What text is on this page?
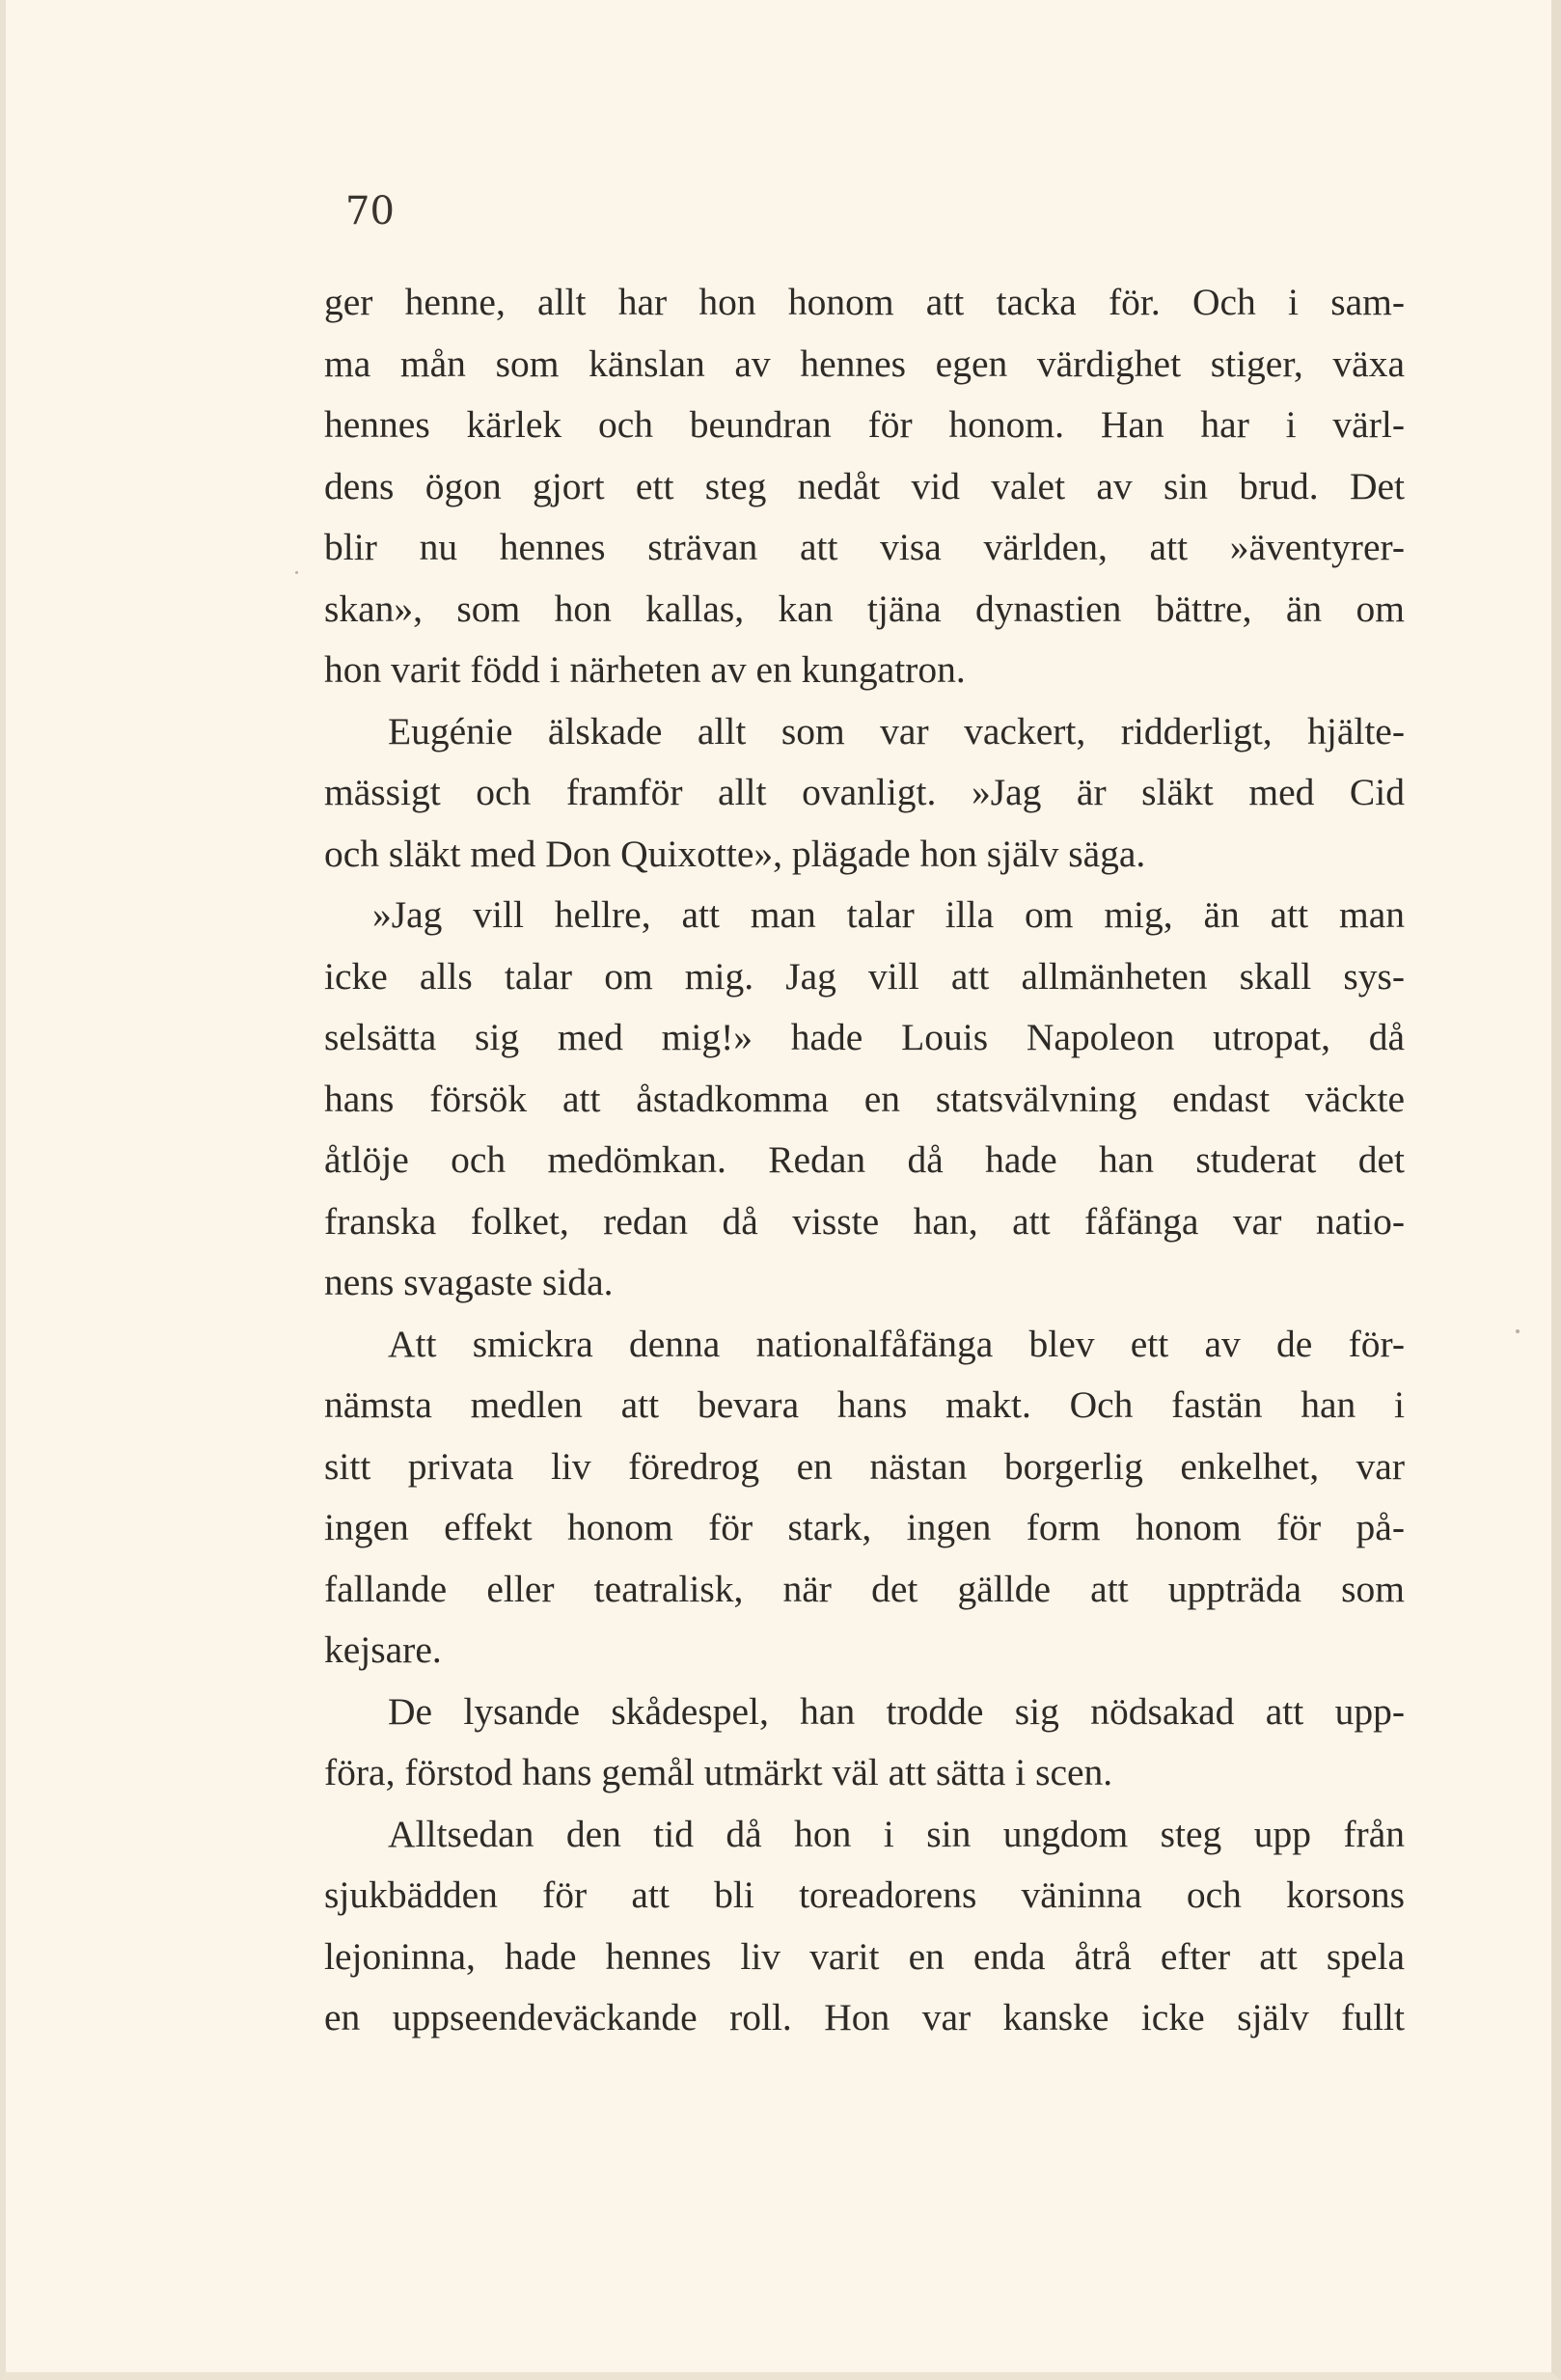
70

ger henne, allt har hon honom att tacka för. Och i sam-
ma mån som känslan av hennes egen värdighet stiger, växa
hennes kärlek och beundran för honom. Han har i värl-
dens ögon gjort ett steg nedåt vid valet av sin brud. Det
blir nu hennes strävan att visa världen, att »äventyrer-
skan», som hon kallas, kan tjäna dynastien bättre, än om
hon varit född i närheten av en kungatron.
Eugénie älskade allt som var vackert, ridderligt, hjälte-
mässigt och framför allt ovanligt. »Jag är släkt med Cid
och släkt med Don Quixotte», plägade hon själv säga.
»Jag vill hellre, att man talar illa om mig, än att man
icke alls talar om mig. Jag vill att allmänheten skall sys-
selsätta sig med mig!» hade Louis Napoleon utropat, då
hans försök att åstadkomma en statsvälvning endast väckte
åtlöje och medömkan. Redan då hade han studerat det
franska folket, redan då visste han, att fåfänga var natio-
nens svagaste sida.
Att smickra denna nationalfåfänga blev ett av de för-
nämsta medlen att bevara hans makt. Och fastän han i
sitt privata liv föredrog en nästan borgerlig enkelhet, var
ingen effekt honom för stark, ingen form honom för på-
fallande eller teatralisk, när det gällde att uppträda som
kejsare.
De lysande skådespel, han trodde sig nödsakad att upp-
föra, förstod hans gemål utmärkt väl att sätta i scen.
Alltsedan den tid då hon i sin ungdom steg upp från
sjukbädden för att bli toreadorens väninna och korsons
lejoninna, hade hennes liv varit en enda åtrå efter att spela
en uppseendeväckande roll. Hon var kanske icke själv fullt
